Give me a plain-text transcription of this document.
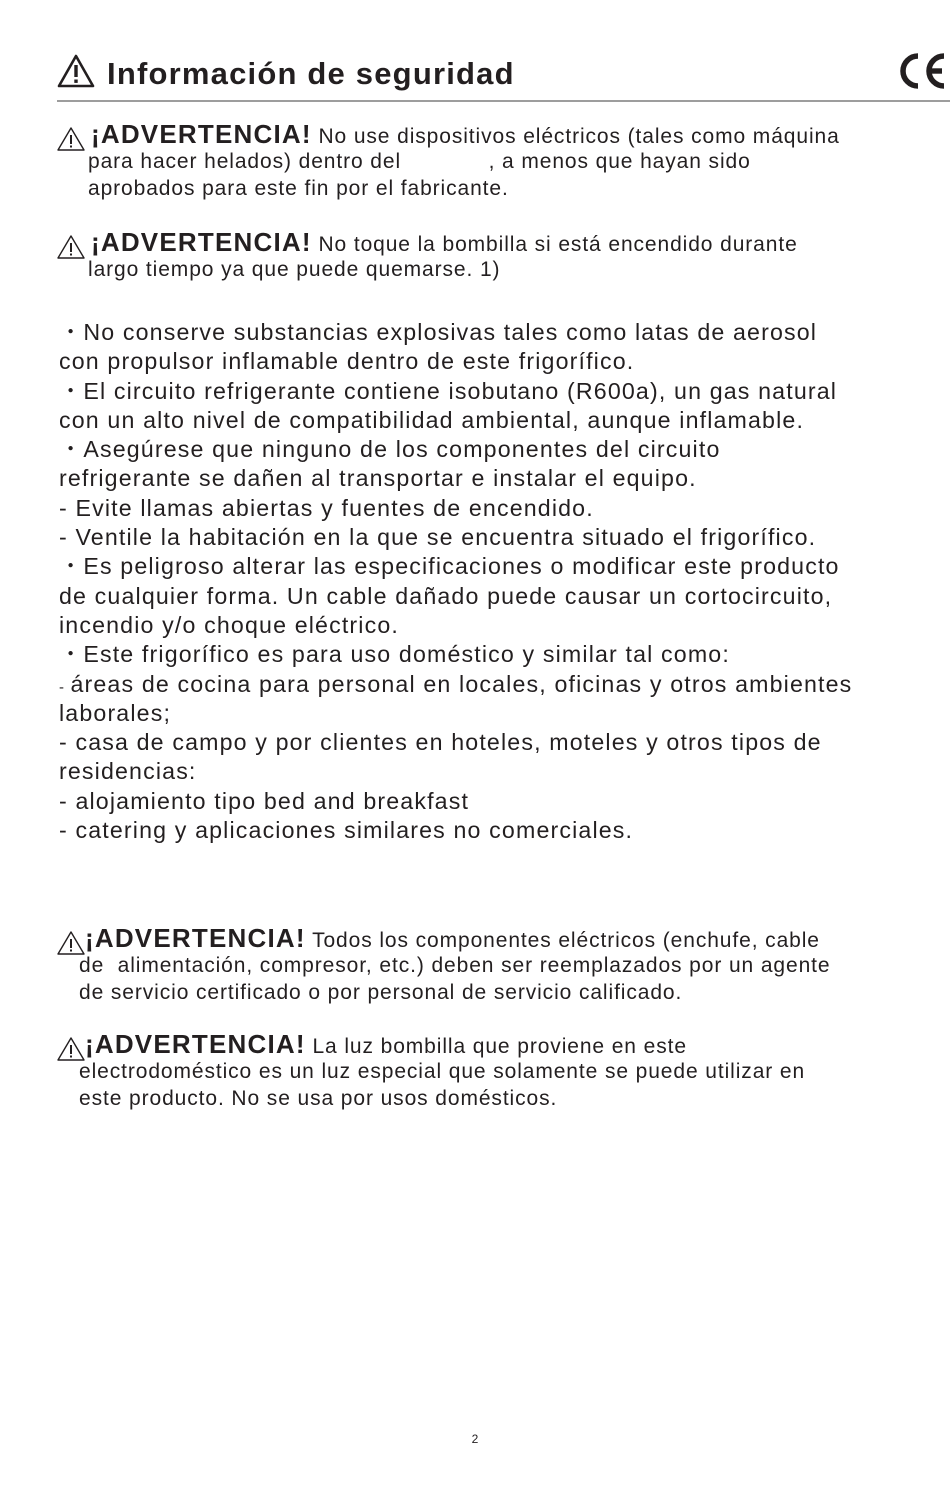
Información de seguridad
¡ADVERTENCIA! No use dispositivos eléctricos (tales como máquina
para hacer helados) dentro del             , a menos que hayan sido
aprobados para este fin por el fabricante.
¡ADVERTENCIA! No toque la bombilla si está encendido durante
largo tiempo ya que puede quemarse. 1)
・No conserve substancias explosivas tales como latas de aerosol
con propulsor inflamable dentro de este frigorífico.
・El circuito refrigerante contiene isobutano (R600a), un gas natural
con un alto nivel de compatibilidad ambiental, aunque inflamable.
・Asegúrese que ninguno de los componentes del circuito
refrigerante se dañen al transportar e instalar el equipo.
- Evite llamas abiertas y fuentes de encendido.
- Ventile la habitación en la que se encuentra situado el frigorífico.
・Es peligroso alterar las especificaciones o modificar este producto
de cualquier forma. Un cable dañado puede causar un cortocircuito,
incendio y/o choque eléctrico.
・Este frigorífico es para uso doméstico y similar tal como:
- áreas de cocina para personal en locales, oficinas y otros ambientes
laborales;
- casa de campo y por clientes en hoteles, moteles y otros tipos de
residencias:
- alojamiento tipo bed and breakfast
- catering y aplicaciones similares no comerciales.
¡ADVERTENCIA! Todos los componentes eléctricos (enchufe, cable
de  alimentación, compresor, etc.) deben ser reemplazados por un agente
de servicio certificado o por personal de servicio calificado.
¡ADVERTENCIA! La luz bombilla que proviene en este
electrodoméstico es un luz especial que solamente se puede utilizar en
este producto. No se usa por usos domésticos.
2
